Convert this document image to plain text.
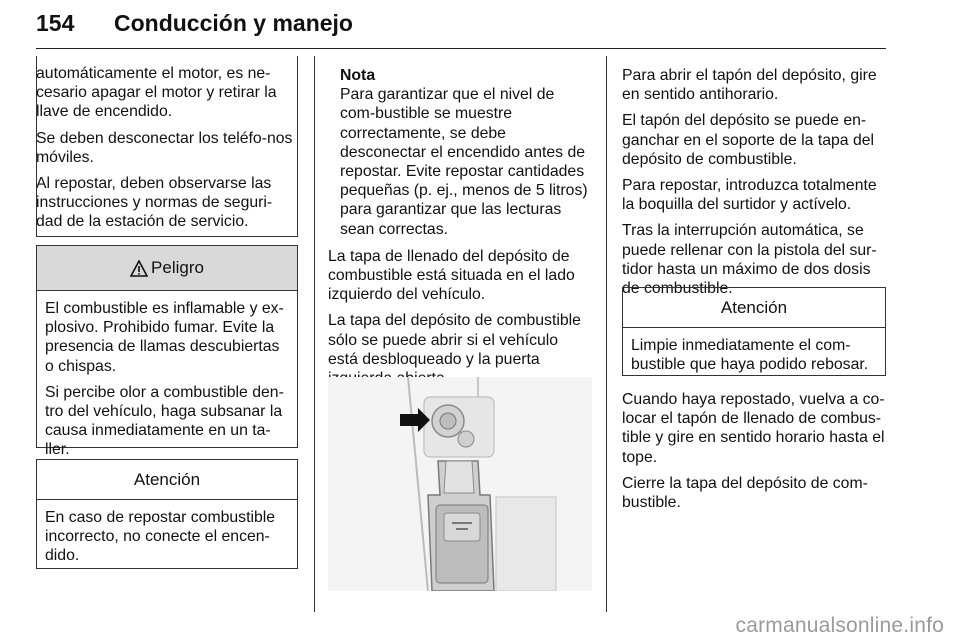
154 Conducción y manejo

automáticamente el motor, es ne-cesario apagar el motor y retirar la llave de encendido.

Se deben desconectar los teléfo-nos móviles.

Al repostar, deben observarse las instrucciones y normas de seguri-dad de la estación de servicio.

Peligro

El combustible es inflamable y ex-plosivo. Prohibido fumar. Evite la presencia de llamas descubiertas o chispas.

Si percibe olor a combustible den-tro del vehículo, haga subsanar la causa inmediatamente en un ta-ller.

Atención

En caso de repostar combustible incorrecto, no conecte el encen-dido.

Nota
Para garantizar que el nivel de com-bustible se muestre correctamente, se debe desconectar el encendido antes de repostar. Evite repostar cantidades pequeñas (p. ej., menos de 5 litros) para garantizar que las lecturas sean correctas.

La tapa de llenado del depósito de combustible está situada en el lado izquierdo del vehículo.

La tapa del depósito de combustible sólo se puede abrir si el vehículo está desbloqueado y la puerta

Para abrir el tapón del depósito, gire en sentido antihorario.

El tapón del depósito se puede en-ganchar en el soporte de la tapa del depósito de combustible.

Para repostar, introduzca totalmente la boquilla del surtidor y actívelo.

Tras la interrupción automática, se puede rellenar con la pistola del sur-tidor hasta un máximo de dos dosis de combustible.

Atención

Limpie inmediatamente el com-bustible que haya podido rebosar.

Cuando haya repostado, vuelva a co-locar el tapón de llenado de combus-tible y gire en sentido horario hasta el tope.

Cierre la tapa del depósito de com-bustible.

carmanualsonline.info
